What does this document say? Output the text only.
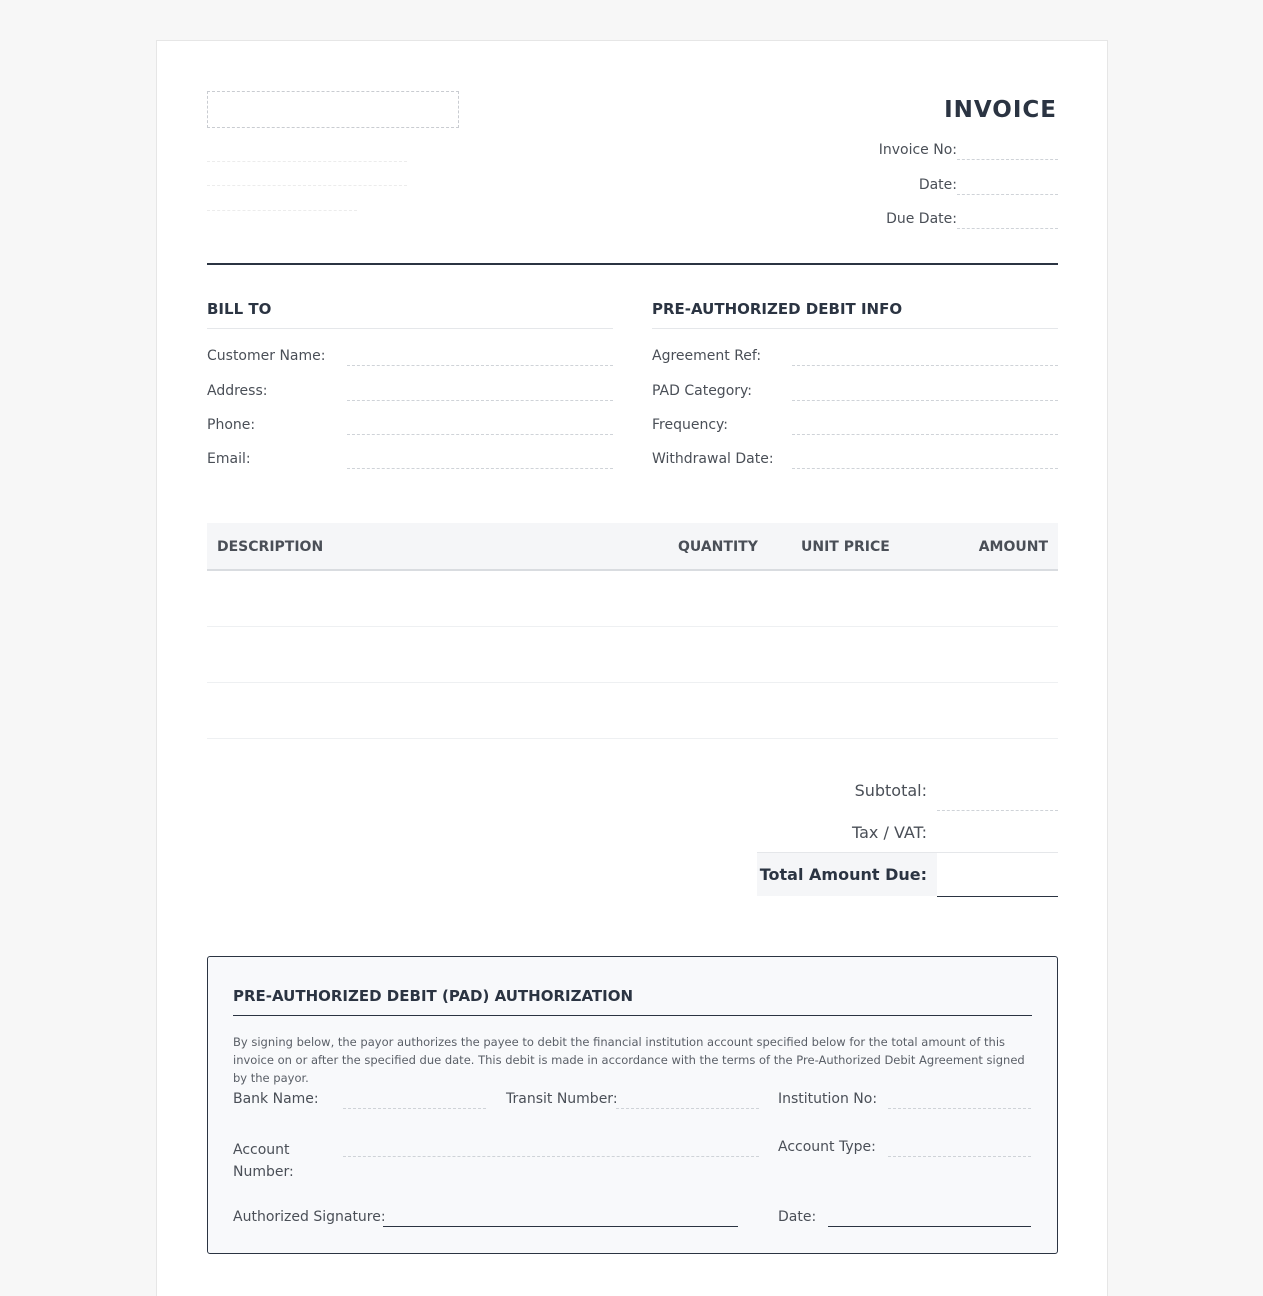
INVOICE
Invoice No:
Date:
Due Date:
BILL TO
Customer Name:
Address:
Phone:
Email:
PRE-AUTHORIZED DEBIT INFO
Agreement Ref:
PAD Category:
Frequency:
Withdrawal Date:
DESCRIPTION	QUANTITY	UNIT PRICE	AMOUNT
Subtotal:
Tax / VAT:
Total Amount Due:
PRE-AUTHORIZED DEBIT (PAD) AUTHORIZATION
By signing below, the payor authorizes the payee to debit the financial institution account specified below for the total amount of this invoice on or after the specified due date. This debit is made in accordance with the terms of the Pre-Authorized Debit Agreement signed by the payor.
Bank Name:	Transit Number:	Institution No:
Account Number:
Account Type:
Authorized Signature:	Date:
